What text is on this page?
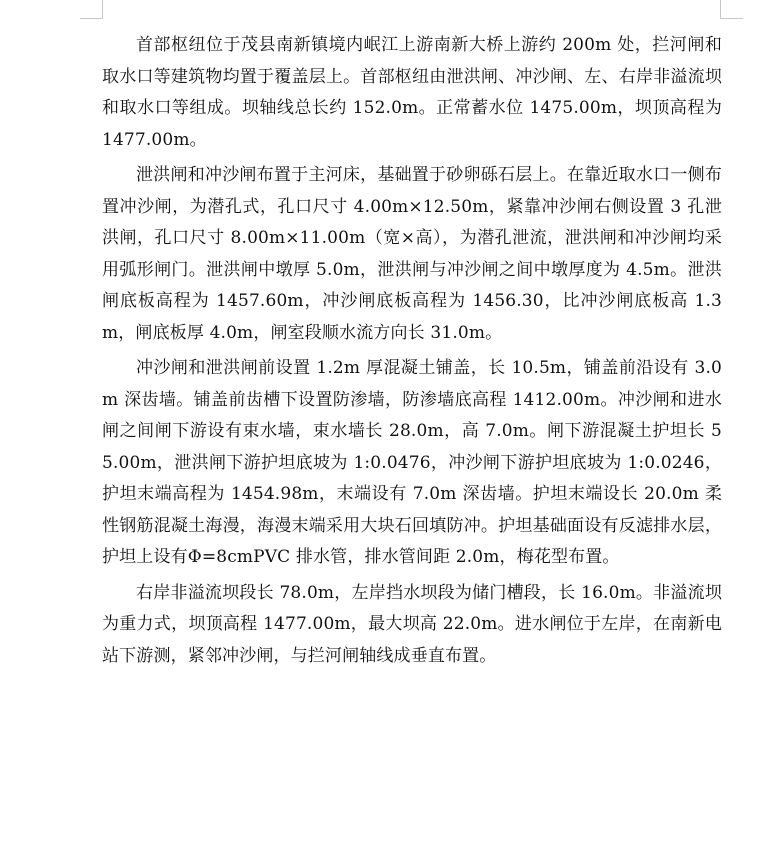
首部枢纽位于茂县南新镇境内岷江上游南新大桥上游约 200m 处，拦河闸和取水口等建筑物均置于覆盖层上。首部枢纽由泄洪闸、冲沙闸、左、右岸非溢流坝和取水口等组成。坝轴线总长约 152.0m。正常蓄水位 1475.00m，坝顶高程为 1477.00m。

泄洪闸和冲沙闸布置于主河床，基础置于砂卵砾石层上。在靠近取水口一侧布置冲沙闸，为潜孔式，孔口尺寸 4.00m×12.50m，紧靠冲沙闸右侧设置 3 孔泄洪闸，孔口尺寸 8.00m×11.00m（宽×高），为潜孔泄流，泄洪闸和冲沙闸均采用弧形闸门。泄洪闸中墩厚 5.0m，泄洪闸与冲沙闸之间中墩厚度为 4.5m。泄洪闸底板高程为 1457.60m，冲沙闸底板高程为 1456.30，比冲沙闸底板高 1.3m，闸底板厚 4.0m，闸室段顺水流方向长 31.0m。

冲沙闸和泄洪闸前设置 1.2m 厚混凝土铺盖，长 10.5m，铺盖前沿设有 3.0m 深齿墙。铺盖前齿槽下设置防渗墙，防渗墙底高程 1412.00m。冲沙闸和进水闸之间闸下游设有束水墙，束水墙长 28.0m，高 7.0m。闸下游混凝土护坦长 55.00m，泄洪闸下游护坦底坡为 1:0.0476，冲沙闸下游护坦底坡为 1:0.0246，护坦末端高程为 1454.98m，末端设有 7.0m 深齿墙。护坦末端设长 20.0m 柔性钢筋混凝土海漫，海漫末端采用大块石回填防冲。护坦基础面设有反滤排水层，护坦上设有Φ=8cmPVC 排水管，排水管间距 2.0m，梅花型布置。

右岸非溢流坝段长 78.0m，左岸挡水坝段为储门槽段，长 16.0m。非溢流坝为重力式，坝顶高程 1477.00m，最大坝高 22.0m。进水闸位于左岸，在南新电站下游测，紧邻冲沙闸，与拦河闸轴线成垂直布置。
